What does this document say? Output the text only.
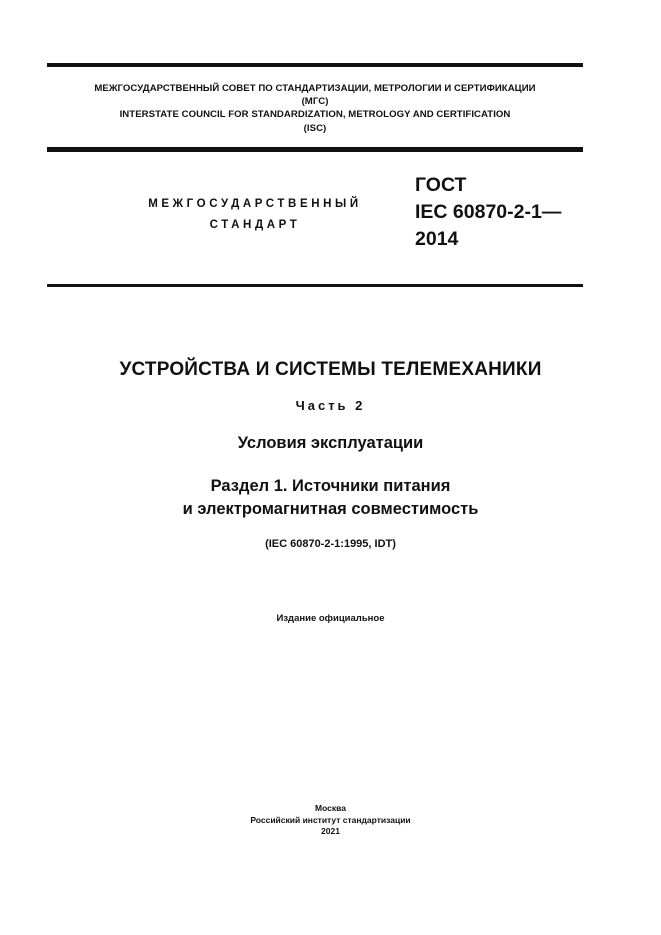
МЕЖГОСУДАРСТВЕННЫЙ СОВЕТ ПО СТАНДАРТИЗАЦИИ, МЕТРОЛОГИИ И СЕРТИФИКАЦИИ
(МГС)
INTERSTATE COUNCIL FOR STANDARDIZATION, METROLOGY AND CERTIFICATION
(ISC)
МЕЖГОСУДАРСТВЕННЫЙ
СТАНДАРТ
ГОСТ
IEC 60870-2-1—
2014
УСТРОЙСТВА И СИСТЕМЫ ТЕЛЕМЕХАНИКИ
Часть 2
Условия эксплуатации
Раздел 1. Источники питания
и электромагнитная совместимость
(IEC 60870-2-1:1995, IDT)
Издание официальное
Москва
Российский институт стандартизации
2021
